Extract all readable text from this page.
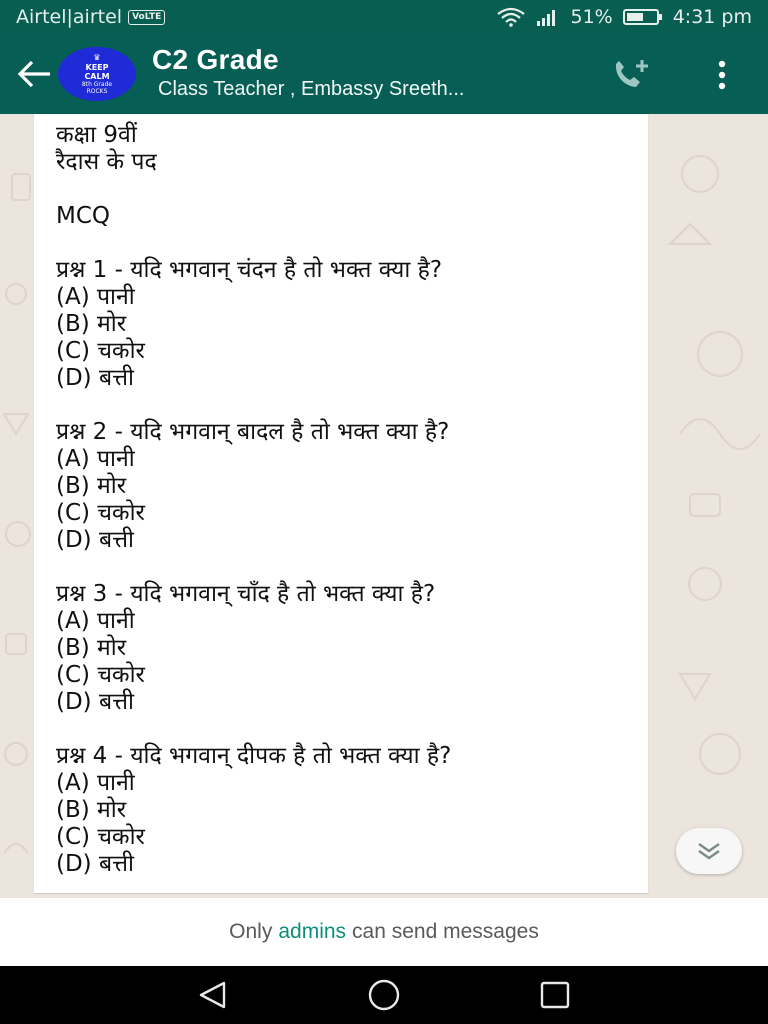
Airtel|airtel	VoLTE	51%	4:31 pm
♛
KEEP
CALM
8th Grade
ROCKS
C2 Grade
Class Teacher , Embassy Sreeth...
कक्षा 9वीं
रैदास के पद
MCQ
प्रश्न 1 - यदि भगवान् चंदन है तो भक्त क्या है?
(A) पानी
(B) मोर
(C) चकोर
(D) बत्ती
प्रश्न 2 - यदि भगवान् बादल है तो भक्त क्या है?
(A) पानी
(B) मोर
(C) चकोर
(D) बत्ती
प्रश्न 3 - यदि भगवान् चाँद है तो भक्त क्या है?
(A) पानी
(B) मोर
(C) चकोर
(D) बत्ती
प्रश्न 4 - यदि भगवान् दीपक है तो भक्त क्या है?
(A) पानी
(B) मोर
(C) चकोर
(D) बत्ती
Only admins can send messages
